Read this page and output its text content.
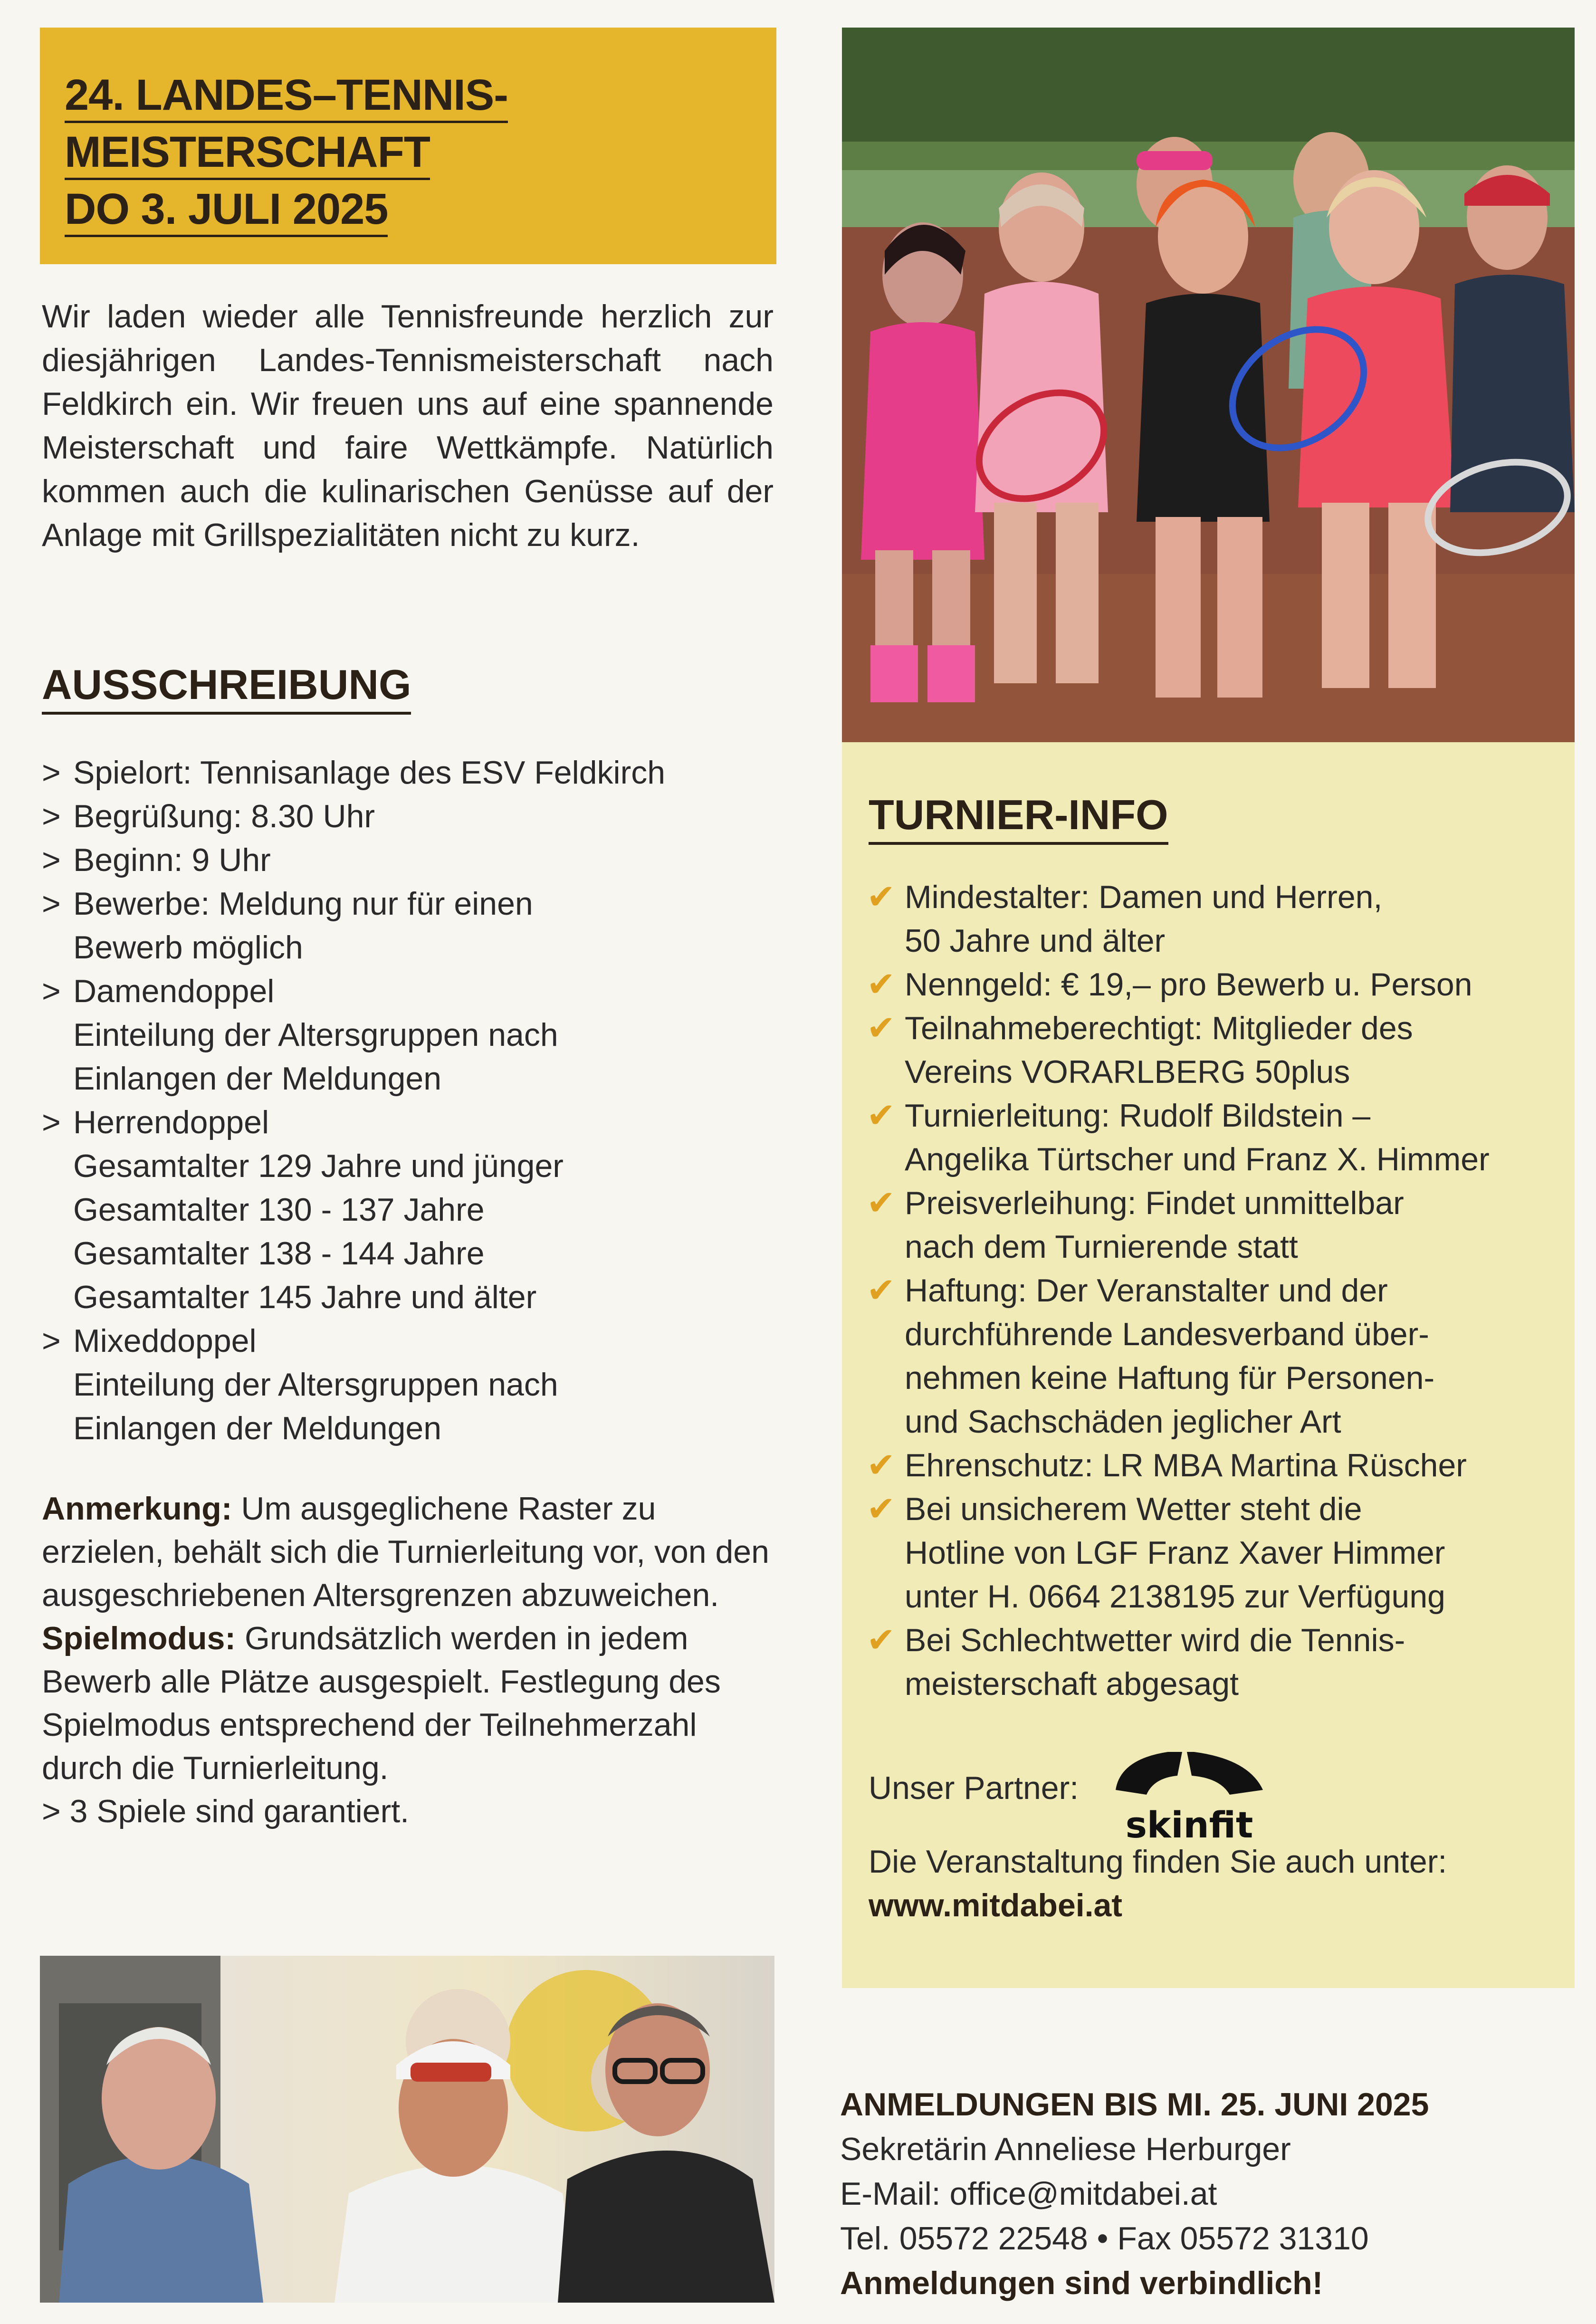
24. LANDES–TENNIS-
MEISTERSCHAFT
DO 3. JULI 2025
Wir laden wieder alle Tennisfreunde herzlich zur diesjährigen Landes-Tennismeisterschaft nach Feldkirch ein. Wir freuen uns auf eine spannende Meisterschaft und faire Wettkämpfe. Natürlich kommen auch die kulinarischen Genüsse auf der Anlage mit Grillspezialitäten nicht zu kurz.
AUSSCHREIBUNG
> Spielort: Tennisanlage des ESV Feldkirch
> Begrüßung: 8.30 Uhr
> Beginn: 9 Uhr
> Bewerbe: Meldung nur für einen
Bewerb möglich
> Damendoppel
Einteilung der Altersgruppen nach
Einlangen der Meldungen
> Herrendoppel
Gesamtalter 129 Jahre und jünger
Gesamtalter 130 - 137 Jahre
Gesamtalter 138 - 144 Jahre
Gesamtalter 145 Jahre und älter
> Mixeddoppel
Einteilung der Altersgruppen nach
Einlangen der Meldungen
Anmerkung: Um ausgeglichene Raster zu erzielen, behält sich die Turnierleitung vor, von den ausgeschriebenen Altersgrenzen abzuweichen.
Spielmodus: Grundsätzlich werden in jedem Bewerb alle Plätze ausgespielt. Festlegung des Spielmodus entsprechend der Teilnehmerzahl durch die Turnierleitung.
> 3 Spiele sind garantiert.
TURNIER-INFO
✔ Mindestalter: Damen und Herren,
50 Jahre und älter
✔ Nenngeld: € 19,– pro Bewerb u. Person
✔ Teilnahmeberechtigt: Mitglieder des
Vereins VORARLBERG 50plus
✔ Turnierleitung: Rudolf Bildstein –
Angelika Türtscher und Franz X. Himmer
✔ Preisverleihung: Findet unmittelbar
nach dem Turnierende statt
✔ Haftung: Der Veranstalter und der
durchführende Landesverband über-
nehmen keine Haftung für Personen-
und Sachschäden jeglicher Art
✔ Ehrenschutz: LR MBA Martina Rüscher
✔ Bei unsicherem Wetter steht die
Hotline von LGF Franz Xaver Himmer
unter H. 0664 2138195 zur Verfügung
✔ Bei Schlechtwetter wird die Tennis-
meisterschaft abgesagt
Unser Partner:
skinfit
Die Veranstaltung finden Sie auch unter:
www.mitdabei.at
ANMELDUNGEN BIS MI. 25. JUNI 2025
Sekretärin Anneliese Herburger
E-Mail: office@mitdabei.at
Tel. 05572 22548 • Fax 05572 31310
Anmeldungen sind verbindlich!
